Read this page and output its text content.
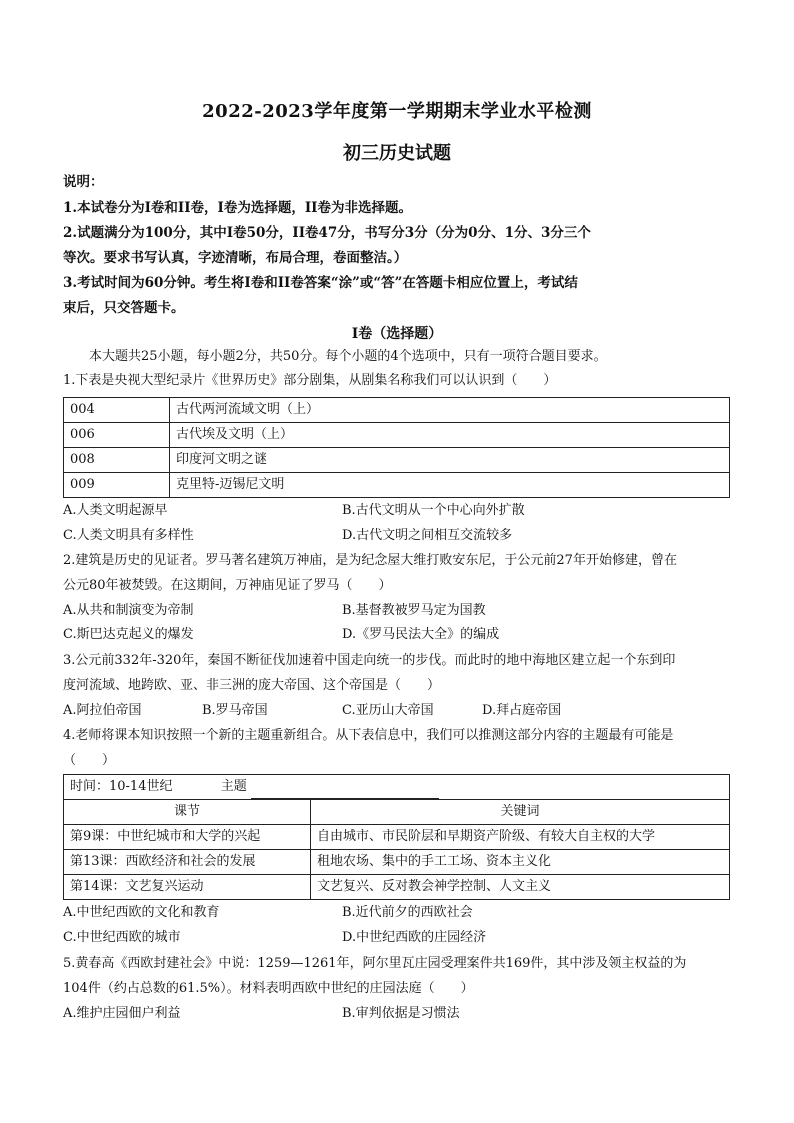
2022-2023学年度第一学期期末学业水平检测
初三历史试题
说明：
1.本试卷分为I卷和II卷，I卷为选择题，II卷为非选择题。
2.试题满分为100分，其中I卷50分，II卷47分，书写分3分（分为0分、1分、3分三个
等次。要求书写认真，字迹清晰，布局合理，卷面整洁。）
3.考试时间为60分钟。考生将I卷和II卷答案“涂”或“答”在答题卡相应位置上，考试结
束后，只交答题卡。
I卷（选择题）
本大题共25小题，每小题2分，共50分。每个小题的4个选项中，只有一项符合题目要求。
1.下表是央视大型纪录片《世界历史》部分剧集，从剧集名称我们可以认识到（　　）
004	古代两河流域文明（上）
006	古代埃及文明（上）
008	印度河文明之谜
009	克里特-迈锡尼文明
A.人类文明起源早	B.古代文明从一个中心向外扩散
C.人类文明具有多样性	D.古代文明之间相互交流较多
2.建筑是历史的见证者。罗马著名建筑万神庙，是为纪念屋大维打败安东尼，于公元前27年开始修建，曾在
公元80年被焚毁。在这期间，万神庙见证了罗马（　　）
A.从共和制演变为帝制	B.基督教被罗马定为国教
C.斯巴达克起义的爆发	D.《罗马民法大全》的编成
3.公元前332年-320年，秦国不断征伐加速着中国走向统一的步伐。而此时的地中海地区建立起一个东到印
度河流域、地跨欧、亚、非三洲的庞大帝国、这个帝国是（　　）
A.阿拉伯帝国	B.罗马帝国	C.亚历山大帝国	D.拜占庭帝国
4.老师将课本知识按照一个新的主题重新组合。从下表信息中，我们可以推测这部分内容的主题最有可能是
（　　）
时间：10-14世纪 主题	
课节	关键词
第9课：中世纪城市和大学的兴起	自由城市、市民阶层和早期资产阶级、有较大自主权的大学
第13课：西欧经济和社会的发展	租地农场、集中的手工工场、资本主义化
第14课：文艺复兴运动	文艺复兴、反对教会神学控制、人文主义
A.中世纪西欧的文化和教育	B.近代前夕的西欧社会
C.中世纪西欧的城市	D.中世纪西欧的庄园经济
5.黄春高《西欧封建社会》中说：1259—1261年，阿尔里瓦庄园受理案件共169件，其中涉及领主权益的为
104件（约占总数的61.5%）。材料表明西欧中世纪的庄园法庭（　　）
A.维护庄园佃户利益	B.审判依据是习惯法
